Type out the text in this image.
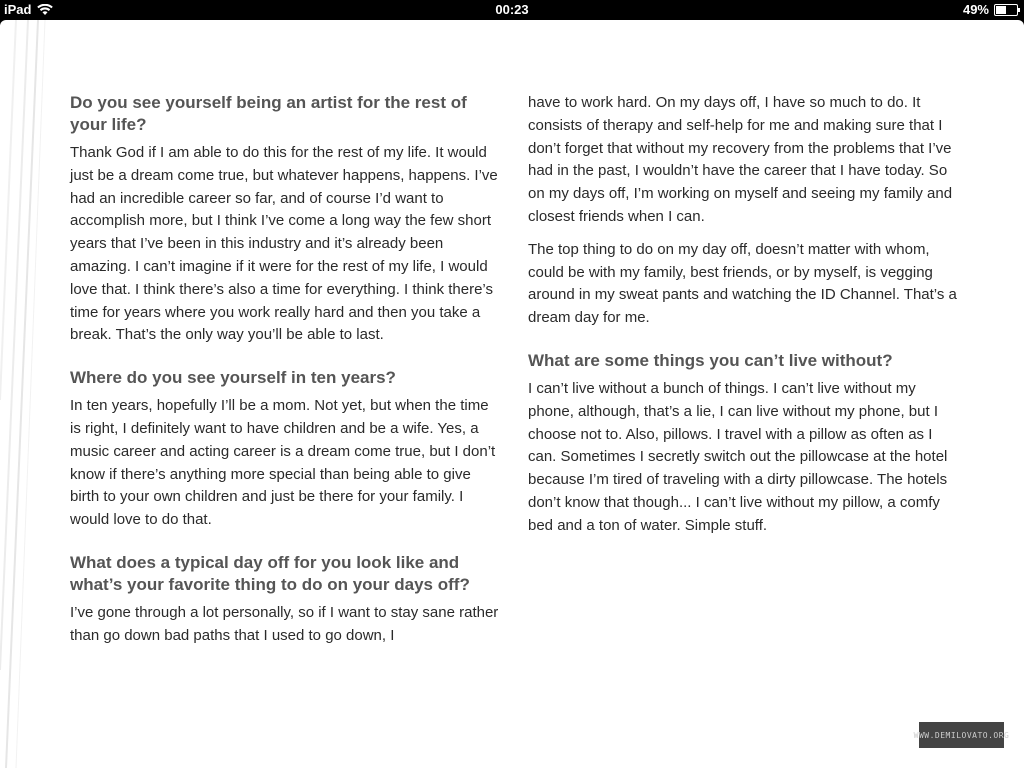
iPad	00:23	49%
Do you see yourself being an artist for the rest of your life?

Thank God if I am able to do this for the rest of my life. It would just be a dream come true, but whatever happens, happens. I’ve had an incredible career so far, and of course I’d want to accomplish more, but I think I’ve come a long way the few short years that I’ve been in this industry and it’s already been amazing. I can’t imagine if it were for the rest of my life, I would love that. I think there’s also a time for everything. I think there’s time for years where you work really hard and then you take a break. That’s the only way you’ll be able to last.

Where do you see yourself in ten years?

In ten years, hopefully I’ll be a mom. Not yet, but when the time is right, I definitely want to have children and be a wife. Yes, a music career and acting career is a dream come true, but I don’t know if there’s anything more special than being able to give birth to your own children and just be there for your family. I would love to do that.

What does a typical day off for you look like and what’s your favorite thing to do on your days off?

I’ve gone through a lot personally, so if I want to stay sane rather than go down bad paths that I used to go down, I

have to work hard. On my days off, I have so much to do. It consists of therapy and self-help for me and making sure that I don’t forget that without my recovery from the problems that I’ve had in the past, I wouldn’t have the career that I have today. So on my days off, I’m working on myself and seeing my family and closest friends when I can.

The top thing to do on my day off, doesn’t matter with whom, could be with my family, best friends, or by myself, is vegging around in my sweat pants and watching the ID Channel. That’s a dream day for me.

What are some things you can’t live without?

I can’t live without a bunch of things. I can’t live without my phone, although, that’s a lie, I can live without my phone, but I choose not to. Also, pillows. I travel with a pillow as often as I can. Sometimes I secretly switch out the pillowcase at the hotel because I’m tired of traveling with a dirty pillowcase. The hotels don’t know that though... I can’t live without my pillow, a comfy bed and a ton of water. Simple stuff.

WWW.DEMILOVATO.ORG
